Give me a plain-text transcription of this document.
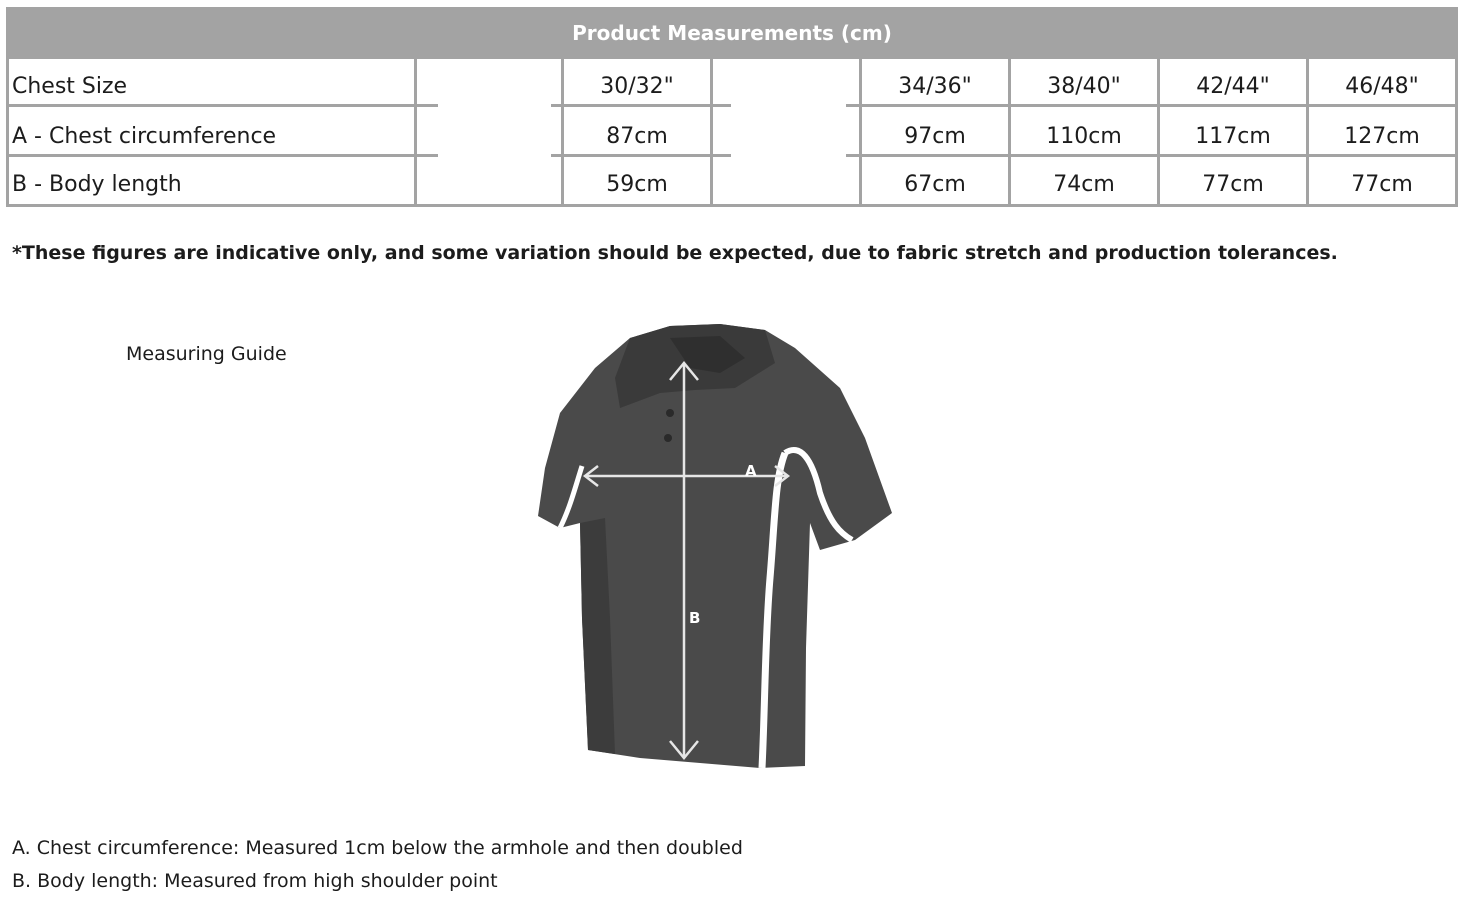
Product Measurements (cm)
Chest Size	30/32"	34/36"	38/40"	42/44"	46/48"
A - Chest circumference	87cm	97cm	110cm	117cm	127cm
B - Body length	59cm	67cm	74cm	77cm	77cm
*These figures are indicative only, and some variation should be expected, due to fabric stretch and production tolerances.
Measuring Guide
A
B
A. Chest circumference: Measured 1cm below the armhole and then doubled
B. Body length: Measured from high shoulder point
